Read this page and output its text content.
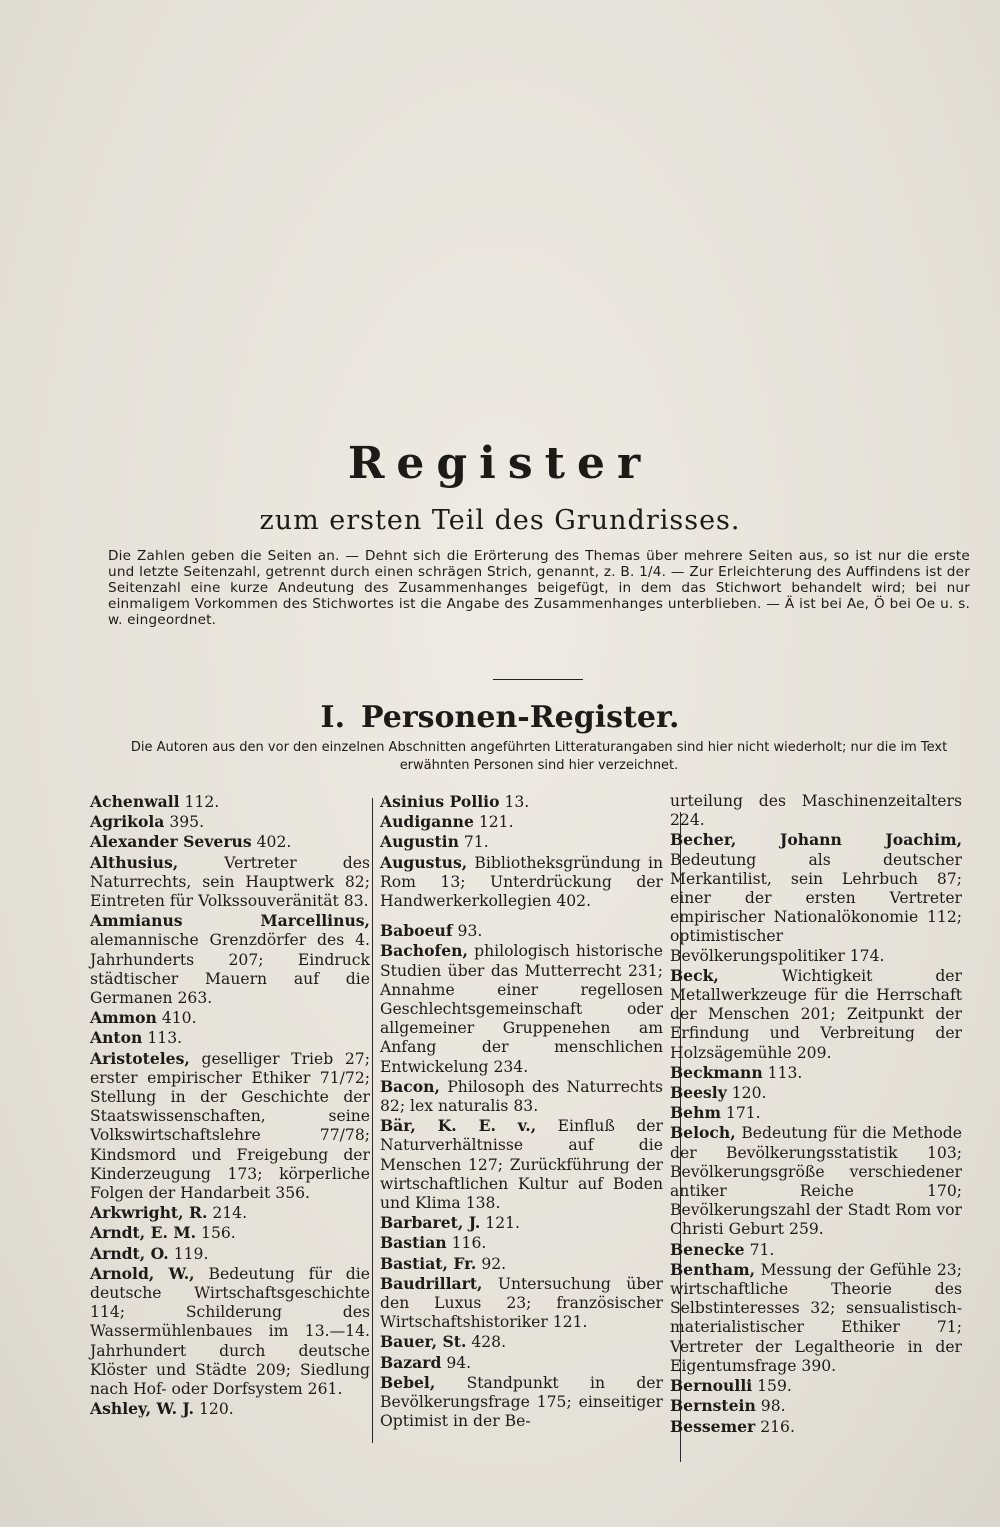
Register
zum ersten Teil des Grundrisses.
Die Zahlen geben die Seiten an. — Dehnt sich die Erörterung des Themas über mehrere Seiten aus, so ist nur die erste und letzte Seitenzahl, getrennt durch einen schrägen Strich, genannt, z. B. 1/4. — Zur Erleichterung des Auffindens ist der Seitenzahl eine kurze Andeutung des Zusammenhanges beigefügt, in dem das Stichwort behandelt wird; bei nur einmaligem Vorkommen des Stichwortes ist die Angabe des Zusammenhanges unterblieben. — Ä ist bei Ae, Ö bei Oe u. s. w. eingeordnet.
I. Personen-Register.
Die Autoren aus den vor den einzelnen Abschnitten angeführten Litteraturangaben sind hier nicht wiederholt; nur die im Text erwähnten Personen sind hier verzeichnet.
Achenwall 112.
Agrikola 395.
Alexander Severus 402.
Althusius,	Vertreter des Naturrechts, sein Hauptwerk 82; Eintreten für Volkssouveränität 83.
Ammianus Marcellinus, alemannische Grenzdörfer des 4. Jahrhunderts 207; Eindruck städtischer Mauern auf die Germanen 263.
Ammon 410.
Anton 113.
Aristoteles, geselliger Trieb 27; erster empirischer Ethiker 71/72; Stellung in der Geschichte der Staatswissenschaften, seine Volkswirtschaftslehre 77/78; Kindsmord und Freigebung der Kinderzeugung 173; körperliche Folgen der Handarbeit 356.
Arkwright, R. 214.
Arndt, E. M. 156.
Arndt, O. 119.
Arnold, W., Bedeutung für die deutsche Wirtschaftsgeschichte 114; Schilderung des Wassermühlenbaues im 13.—14. Jahrhundert durch deutsche Klöster und Städte 209; Siedlung nach Hof- oder Dorfsystem 261.
Ashley, W. J. 120.
Asinius Pollio 13.
Audiganne 121.
Augustin 71.
Augustus, Bibliotheksgründung in Rom 13; Unterdrückung der Handwerkerkollegien 402.
Baboeuf 93.
Bachofen, philologisch historische Studien über das Mutterrecht 231; Annahme einer regellosen Geschlechtsgemeinschaft oder allgemeiner Gruppenehen am Anfang der menschlichen Entwickelung 234.
Bacon, Philosoph des Naturrechts 82; lex naturalis 83.
Bär, K. E. v., Einfluß der Naturverhältnisse auf die Menschen 127; Zurückführung der wirtschaftlichen Kultur auf Boden und Klima 138.
Barbaret, J. 121.
Bastian 116.
Bastiat, Fr. 92.
Baudrillart, Untersuchung über den Luxus 23; französischer Wirtschaftshistoriker 121.
Bauer, St. 428.
Bazard 94.
Bebel, Standpunkt in der Bevölkerungsfrage 175; einseitiger Optimist in der Be-
urteilung des Maschinenzeitalters 224.
Becher, Johann Joachim, Bedeutung als deutscher Merkantilist, sein Lehrbuch 87; einer der ersten Vertreter empirischer Nationalökonomie 112; optimistischer Bevölkerungspolitiker 174.
Beck,	Wichtigkeit der Metallwerkzeuge für die Herrschaft der Menschen 201; Zeitpunkt der Erfindung und Verbreitung der Holzsägemühle 209.
Beckmann 113.
Beesly 120.
Behm 171.
Beloch, Bedeutung für die Methode der Bevölkerungsstatistik 103; Bevölkerungsgröße verschiedener antiker Reiche 170; Bevölkerungszahl der Stadt Rom vor Christi Geburt 259.
Benecke 71.
Bentham, Messung der Gefühle 23; wirtschaftliche Theorie des Selbstinteresses 32; sensualistisch-materialistischer Ethiker 71; Vertreter der Legaltheorie in der Eigentumsfrage 390.
Bernoulli 159.
Bernstein 98.
Bessemer 216.
